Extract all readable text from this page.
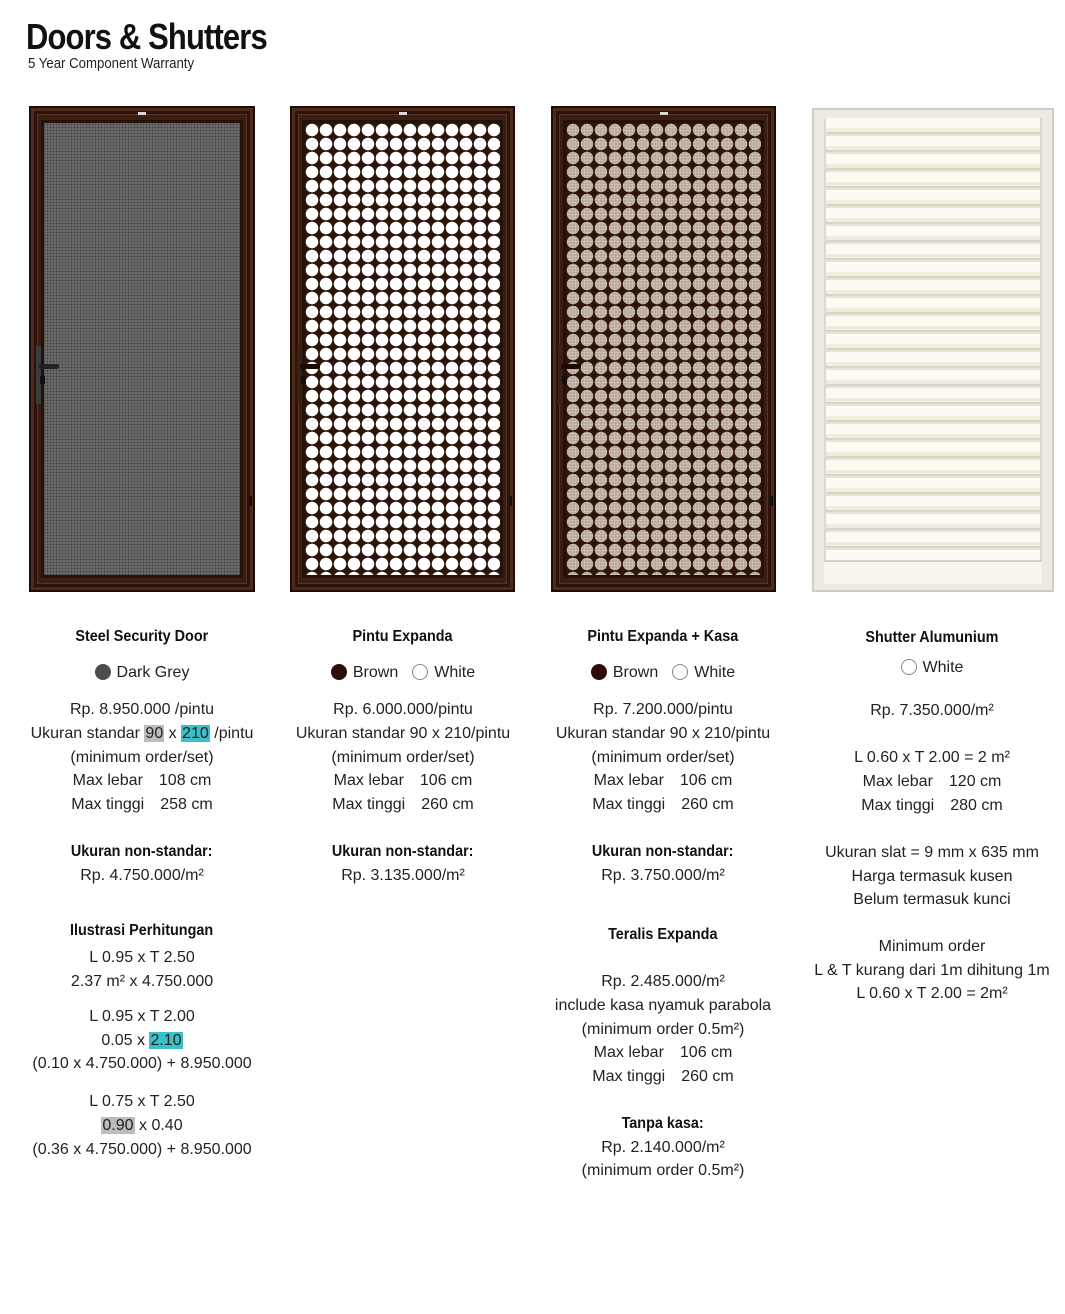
Doors & Shutters
5 Year Component Warranty
Steel Security Door
Dark Grey
Rp. 8.950.000 /pintu
Ukuran standar 90 x 210 /pintu
(minimum order/set)
Max lebar 108 cm
Max tinggi 258 cm
Ukuran non-standar:
Rp. 4.750.000/m²
Ilustrasi Perhitungan
L 0.95 x T 2.50
2.37 m² x 4.750.000
L 0.95 x T 2.00
0.05 x 2.10
(0.10 x 4.750.000) + 8.950.000
L 0.75 x T 2.50
0.90 x 0.40
(0.36 x 4.750.000) + 8.950.000
Pintu Expanda
Brown White
Rp. 6.000.000/pintu
Ukuran standar 90 x 210/pintu
(minimum order/set)
Max lebar 106 cm
Max tinggi 260 cm
Ukuran non-standar:
Rp. 3.135.000/m²
Pintu Expanda + Kasa
Brown White
Rp. 7.200.000/pintu
Ukuran standar 90 x 210/pintu
(minimum order/set)
Max lebar 106 cm
Max tinggi 260 cm
Ukuran non-standar:
Rp. 3.750.000/m²
Teralis Expanda
Rp. 2.485.000/m²
include kasa nyamuk parabola
(minimum order 0.5m²)
Max lebar 106 cm
Max tinggi 260 cm
Tanpa kasa:
Rp. 2.140.000/m²
(minimum order 0.5m²)
Shutter Alumunium
White
Rp. 7.350.000/m²
L 0.60 x T 2.00 = 2 m²
Max lebar 120 cm
Max tinggi 280 cm
Ukuran slat = 9 mm x 635 mm
Harga termasuk kusen
Belum termasuk kunci
Minimum order
L & T kurang dari 1m dihitung 1m
L 0.60 x T 2.00 = 2m²
